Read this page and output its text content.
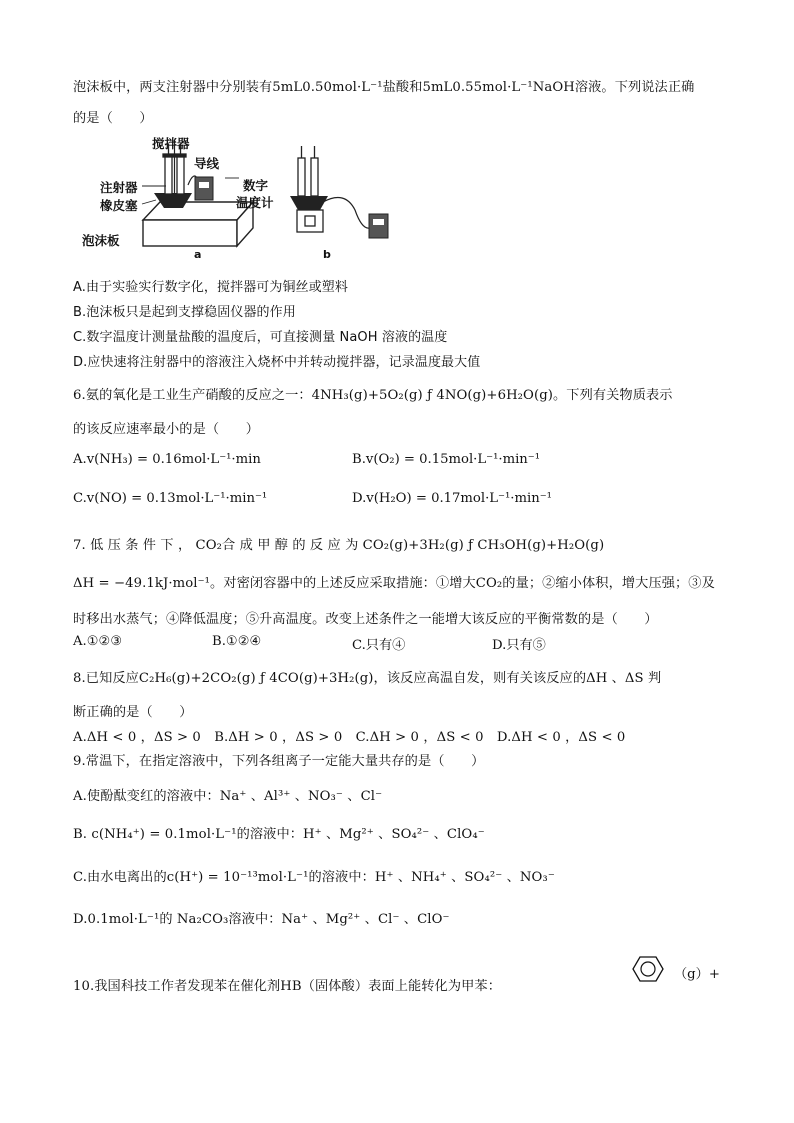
泡沫板中，两支注射器中分别装有5mL0.50mol·L⁻¹盐酸和5mL0.55mol·L⁻¹NaOH溶液。下列说法正确
的是（　　）
搅拌器
导线
注射器	数字
温度计
橡皮塞
泡沫板
a	b
A.由于实验实行数字化，搅拌器可为铜丝或塑料
B.泡沫板只是起到支撑稳固仪器的作用
C.数字温度计测量盐酸的温度后，可直接测量 NaOH 溶液的温度
D.应快速将注射器中的溶液注入烧杯中并转动搅拌器，记录温度最大值
6.氨的氧化是工业生产硝酸的反应之一：4NH₃(g)+5O₂(g) ƒ 4NO(g)+6H₂O(g)。下列有关物质表示
的该反应速率最小的是（　　）
A.v(NH₃) = 0.16mol·L⁻¹·min	B.v(O₂) = 0.15mol·L⁻¹·min⁻¹
C.v(NO) = 0.13mol·L⁻¹·min⁻¹	D.v(H₂O) = 0.17mol·L⁻¹·min⁻¹
7. 低 压 条 件 下 ， CO₂合 成 甲 醇 的 反 应 为 CO₂(g)+3H₂(g) ƒ CH₃OH(g)+H₂O(g)
ΔH = −49.1kJ·mol⁻¹。对密闭容器中的上述反应采取措施：①增大CO₂的量；②缩小体积，增大压强；③及
时移出水蒸气；④降低温度；⑤升高温度。改变上述条件之一能增大该反应的平衡常数的是（　　）
A.①②③	B.①②④	C.只有④	D.只有⑤
8.已知反应C₂H₆(g)+2CO₂(g) ƒ 4CO(g)+3H₂(g)，该反应高温自发，则有关该反应的ΔH 、ΔS 判
断正确的是（　　）
A.ΔH < 0 ，ΔS > 0　B.ΔH > 0 ，ΔS > 0　C.ΔH > 0 ，ΔS < 0　D.ΔH < 0 ，ΔS < 0
9.常温下，在指定溶液中，下列各组离子一定能大量共存的是（　　）
A.使酚酞变红的溶液中：Na⁺ 、Al³⁺ 、NO₃⁻ 、Cl⁻
B. c(NH₄⁺) = 0.1mol·L⁻¹的溶液中：H⁺ 、Mg²⁺ 、SO₄²⁻ 、ClO₄⁻
C.由水电离出的c(H⁺) = 10⁻¹³mol·L⁻¹的溶液中：H⁺ 、NH₄⁺ 、SO₄²⁻ 、NO₃⁻
D.0.1mol·L⁻¹的 Na₂CO₃溶液中：Na⁺ 、Mg²⁺ 、Cl⁻ 、ClO⁻
10.我国科技工作者发现苯在催化剂HB（固体酸）表面上能转化为甲苯：
（g）+
